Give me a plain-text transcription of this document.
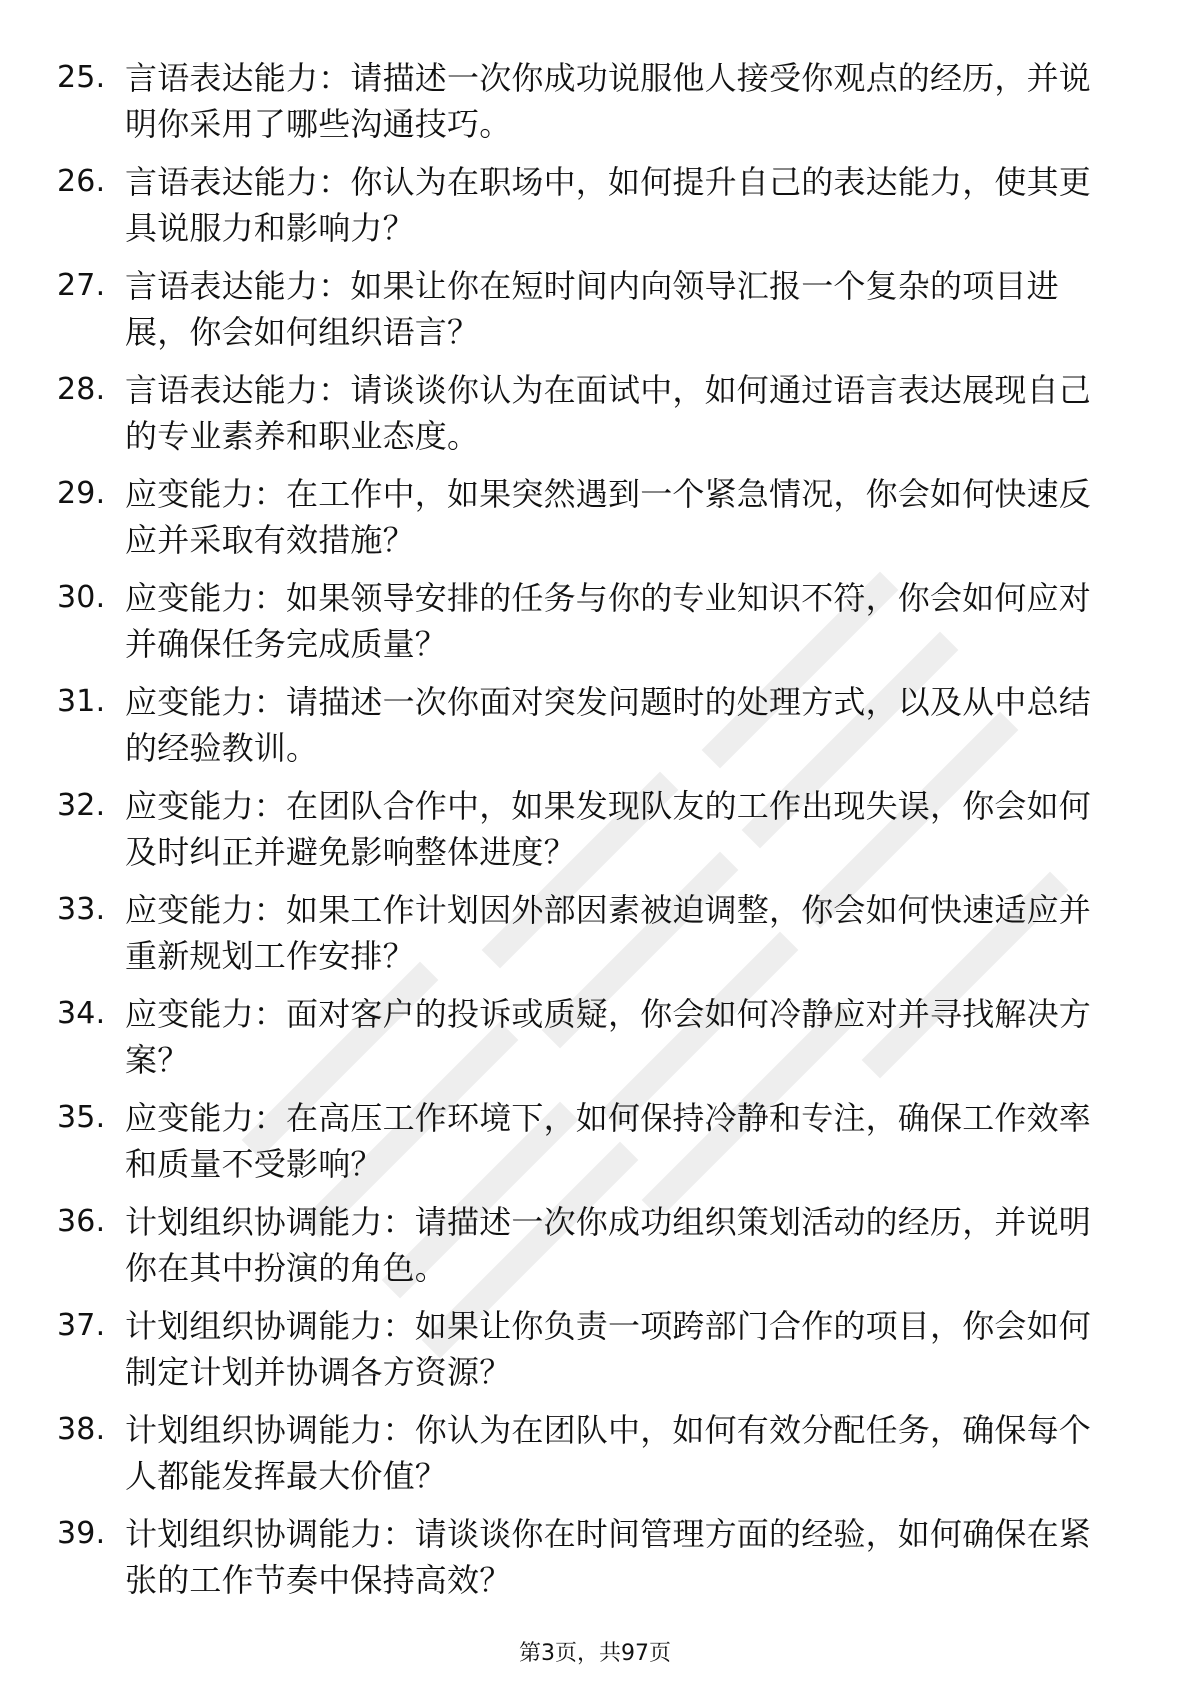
25. 言语表达能力：请描述一次你成功说服他人接受你观点的经历，并说明你采用了哪些沟通技巧。
26. 言语表达能力：你认为在职场中，如何提升自己的表达能力，使其更具说服力和影响力？
27. 言语表达能力：如果让你在短时间内向领导汇报一个复杂的项目进展，你会如何组织语言？
28. 言语表达能力：请谈谈你认为在面试中，如何通过语言表达展现自己的专业素养和职业态度。
29. 应变能力：在工作中，如果突然遇到一个紧急情况，你会如何快速反应并采取有效措施？
30. 应变能力：如果领导安排的任务与你的专业知识不符，你会如何应对并确保任务完成质量？
31. 应变能力：请描述一次你面对突发问题时的处理方式，以及从中总结的经验教训。
32. 应变能力：在团队合作中，如果发现队友的工作出现失误，你会如何及时纠正并避免影响整体进度？
33. 应变能力：如果工作计划因外部因素被迫调整，你会如何快速适应并重新规划工作安排？
34. 应变能力：面对客户的投诉或质疑，你会如何冷静应对并寻找解决方案？
35. 应变能力：在高压工作环境下，如何保持冷静和专注，确保工作效率和质量不受影响？
36. 计划组织协调能力：请描述一次你成功组织策划活动的经历，并说明你在其中扮演的角色。
37. 计划组织协调能力：如果让你负责一项跨部门合作的项目，你会如何制定计划并协调各方资源？
38. 计划组织协调能力：你认为在团队中，如何有效分配任务，确保每个人都能发挥最大价值？
39. 计划组织协调能力：请谈谈你在时间管理方面的经验，如何确保在紧张的工作节奏中保持高效？
第3页，共97页
